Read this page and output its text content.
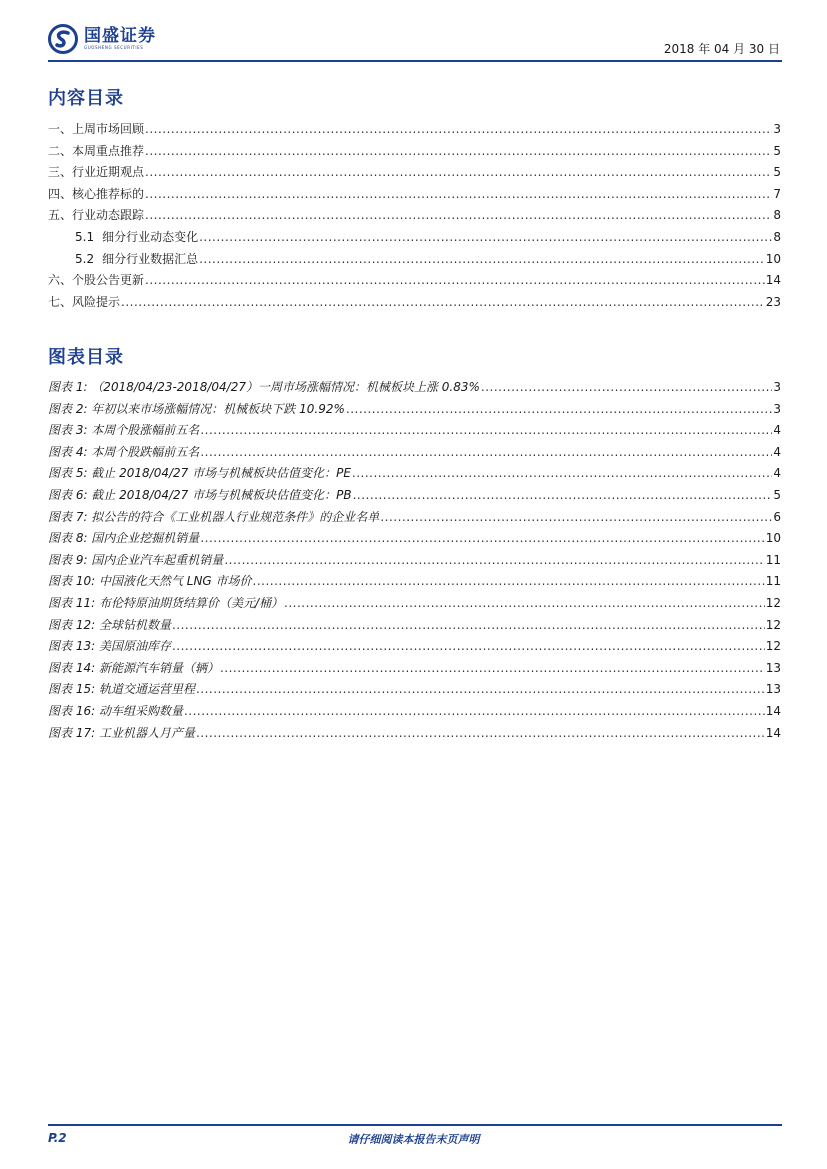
国盛证券
GUOSHENG SECURITIES	2018 年 04 月 30 日
内容目录
一、上周市场回顾 .....	3
二、本周重点推荐 .....	5
三、行业近期观点 .....	5
四、核心推荐标的 .....	7
五、行业动态跟踪 .....	8
5.1 细分行业动态变化 .....	8
5.2 细分行业数据汇总 .....	10
六、个股公告更新 .....	14
七、风险提示 .....	23
图表目录
图表 1: （2018/04/23-2018/04/27）一周市场涨幅情况：机械板块上涨 0.83% .....	3
图表 2: 年初以来市场涨幅情况：机械板块下跌 10.92% .....	3
图表 3: 本周个股涨幅前五名 .....	4
图表 4: 本周个股跌幅前五名 .....	4
图表 5: 截止 2018/04/27 市场与机械板块估值变化：PE .....	4
图表 6: 截止 2018/04/27 市场与机械板块估值变化：PB .....	5
图表 7: 拟公告的符合《工业机器人行业规范条件》的企业名单 .....	6
图表 8: 国内企业挖掘机销量 .....	10
图表 9: 国内企业汽车起重机销量 .....	11
图表 10: 中国液化天然气 LNG 市场价 .....	11
图表 11: 布伦特原油期货结算价（美元/桶） .....	12
图表 12: 全球钻机数量 .....	12
图表 13: 美国原油库存 .....	12
图表 14: 新能源汽车销量（辆） .....	13
图表 15: 轨道交通运营里程 .....	13
图表 16: 动车组采购数量 .....	14
图表 17: 工业机器人月产量 .....	14
P.2	请仔细阅读本报告末页声明
